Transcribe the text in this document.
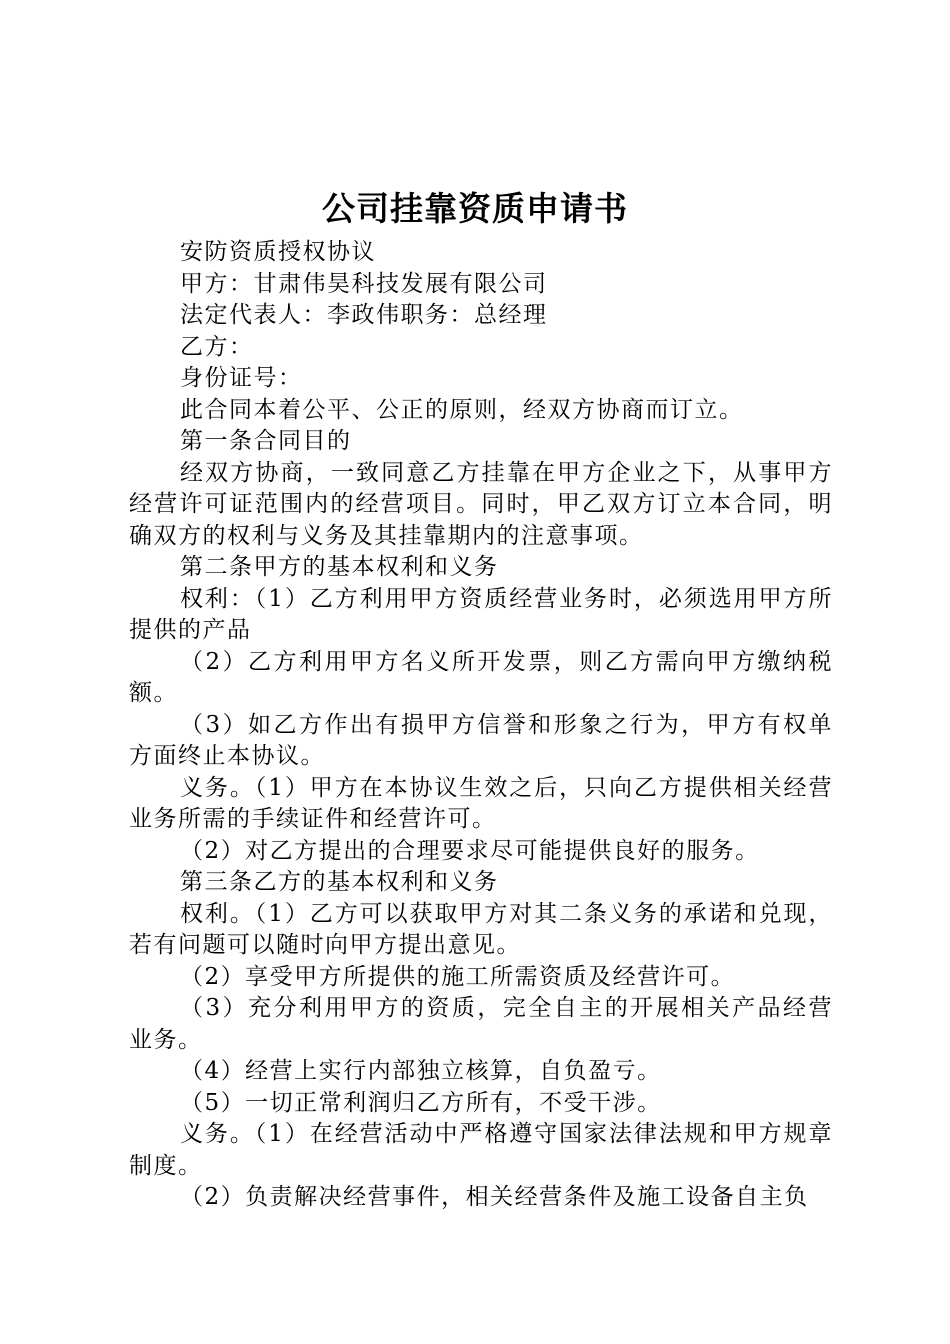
公司挂靠资质申请书

安防资质授权协议

甲方：甘肃伟昊科技发展有限公司

法定代表人：李政伟职务：总经理

乙方：

身份证号：

此合同本着公平、公正的原则，经双方协商而订立。

第一条合同目的

经双方协商，一致同意乙方挂靠在甲方企业之下，从事甲方经营许可证范围内的经营项目。同时，甲乙双方订立本合同，明确双方的权利与义务及其挂靠期内的注意事项。

第二条甲方的基本权利和义务

权利：（1）乙方利用甲方资质经营业务时，必须选用甲方所提供的产品

（2）乙方利用甲方名义所开发票，则乙方需向甲方缴纳税额。

（3）如乙方作出有损甲方信誉和形象之行为，甲方有权单方面终止本协议。

义务。（1）甲方在本协议生效之后，只向乙方提供相关经营业务所需的手续证件和经营许可。

（2）对乙方提出的合理要求尽可能提供良好的服务。

第三条乙方的基本权利和义务

权利。（1）乙方可以获取甲方对其二条义务的承诺和兑现，若有问题可以随时向甲方提出意见。

（2）享受甲方所提供的施工所需资质及经营许可。

（3）充分利用甲方的资质，完全自主的开展相关产品经营业务。

（4）经营上实行内部独立核算，自负盈亏。

（5）一切正常利润归乙方所有，不受干涉。

义务。（1）在经营活动中严格遵守国家法律法规和甲方规章制度。

（2）负责解决经营事件，相关经营条件及施工设备自主负
